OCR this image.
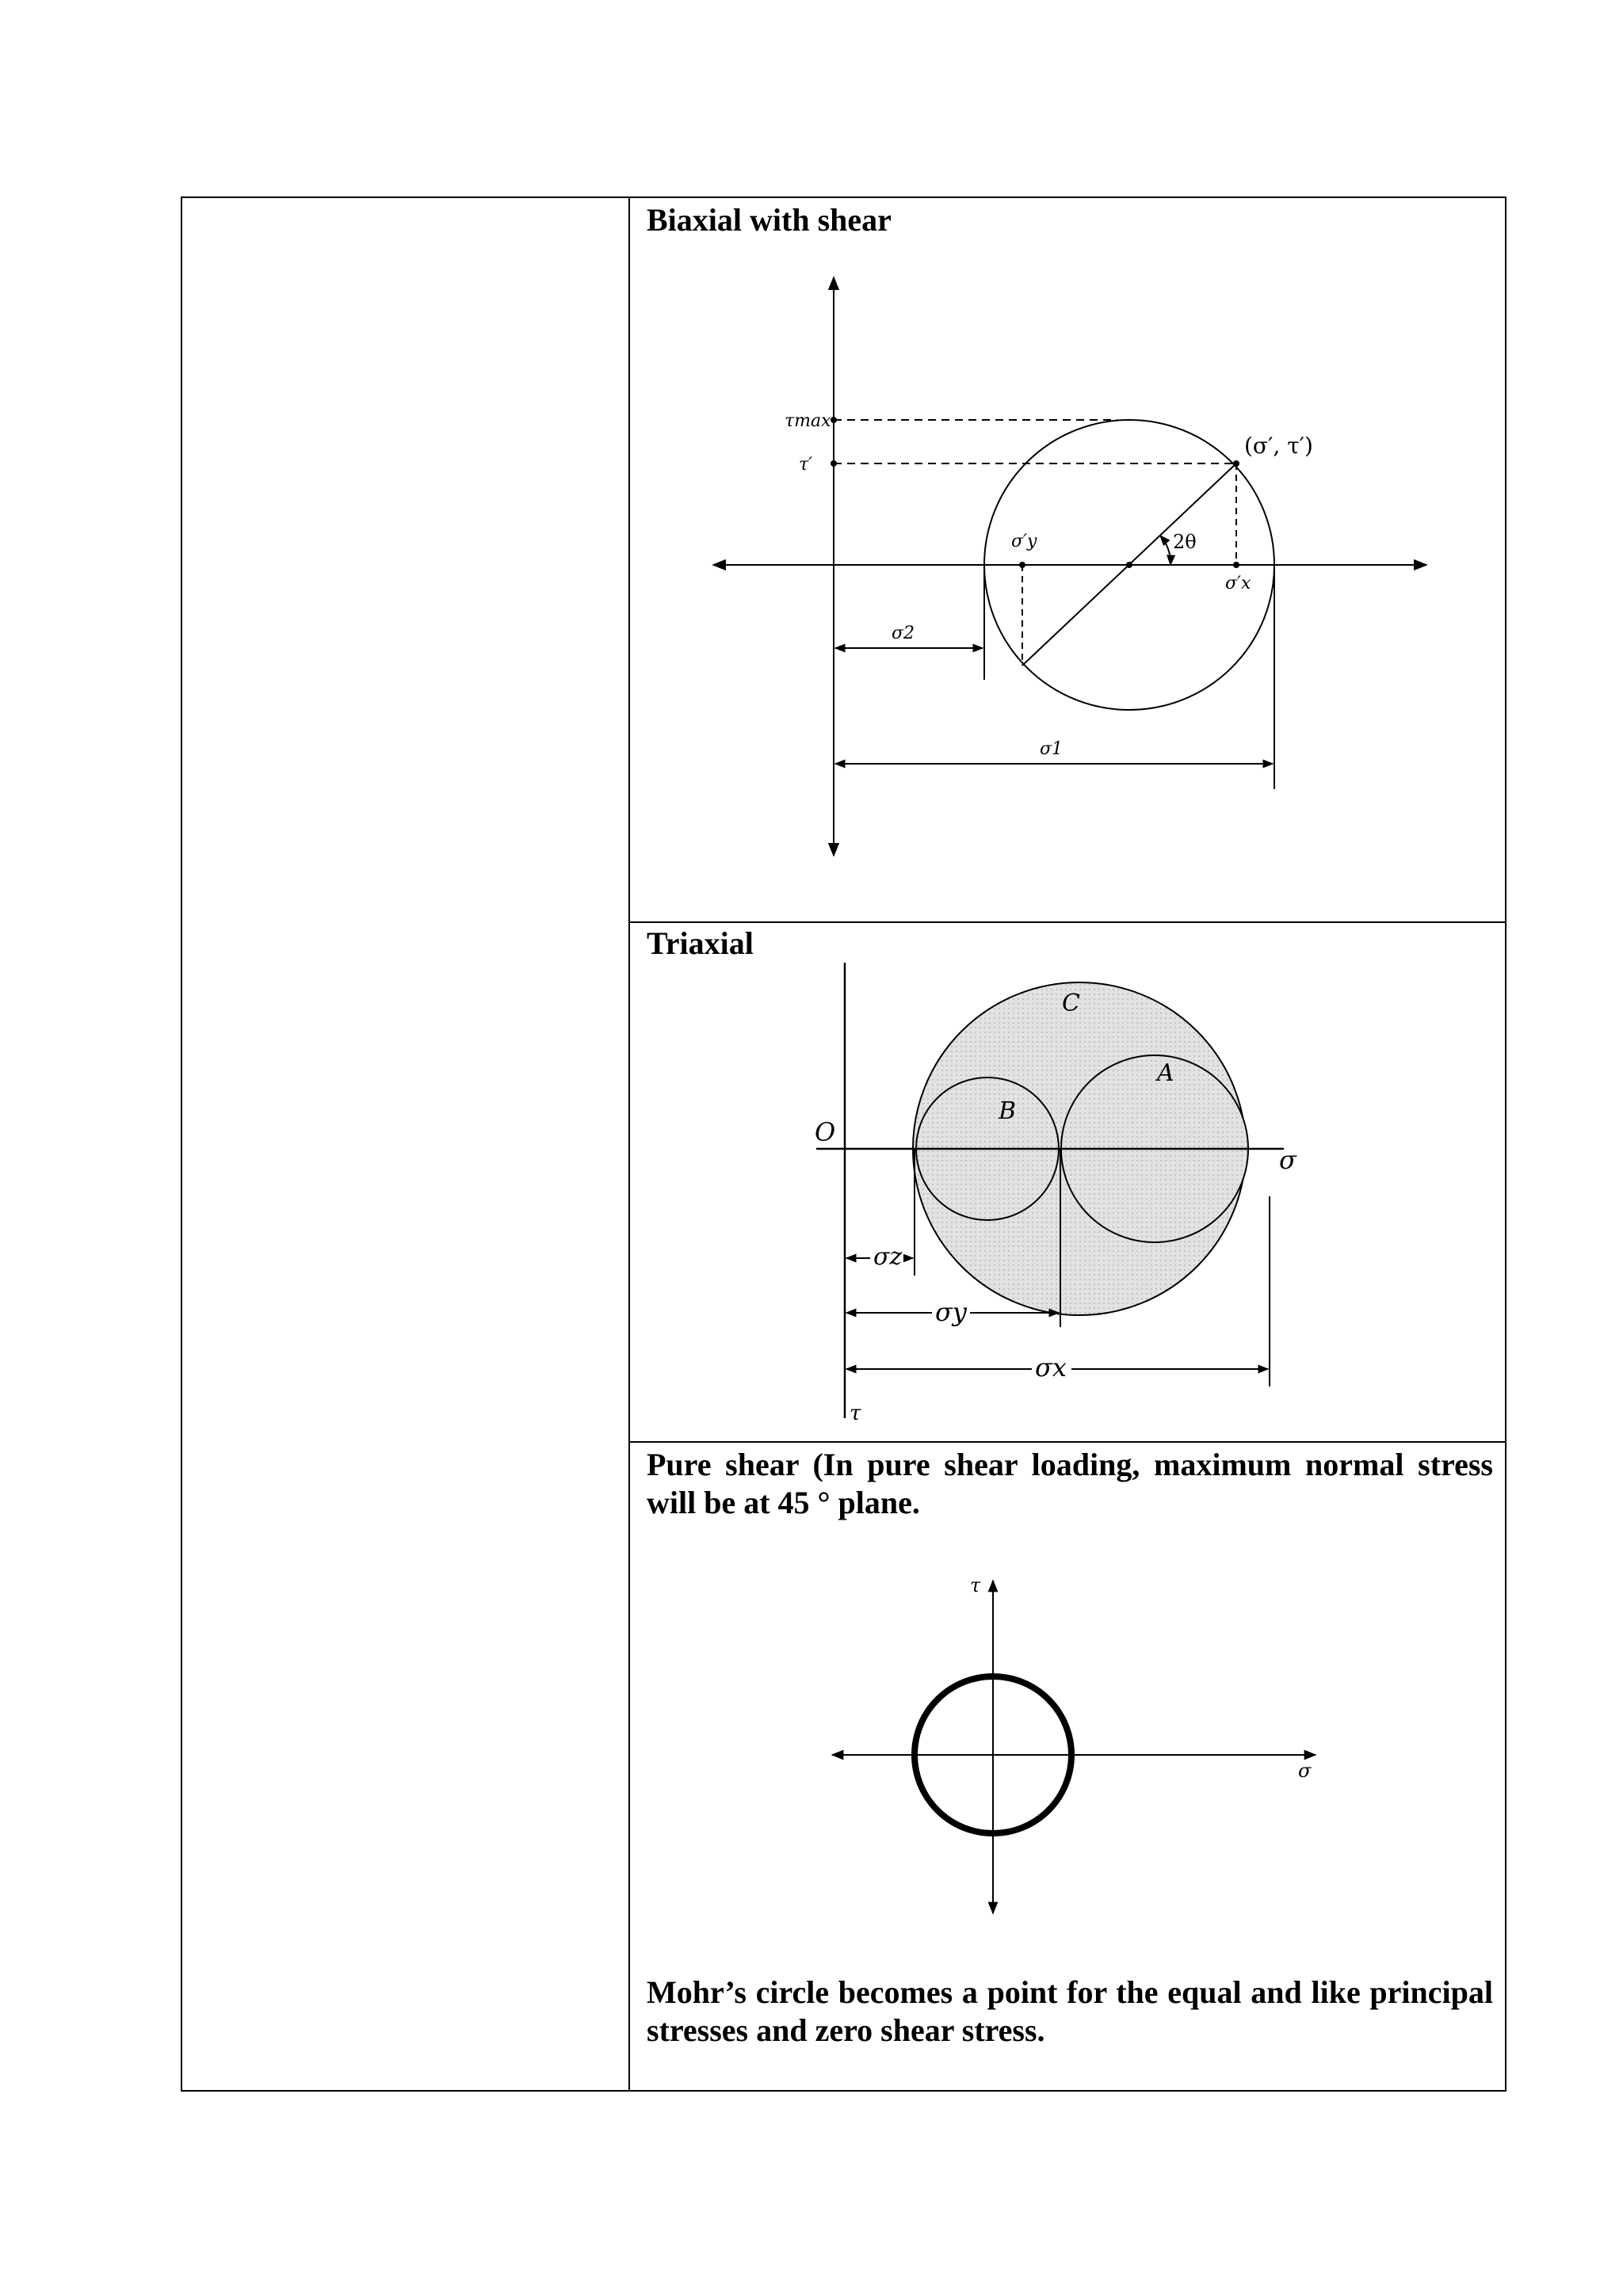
Biaxial with shear
τmax
τ′
(σ′, τ′)
σ′y	2θ
σ′x
σ2
σ1
Triaxial
O
σ
τ
C
A
B
σz
σy
σx
Pure shear (In pure shear loading, maximum normal stress will be at 45 ° plane.
τ
σ
Mohr’s circle becomes a point for the equal and like principal stresses and zero shear stress.
